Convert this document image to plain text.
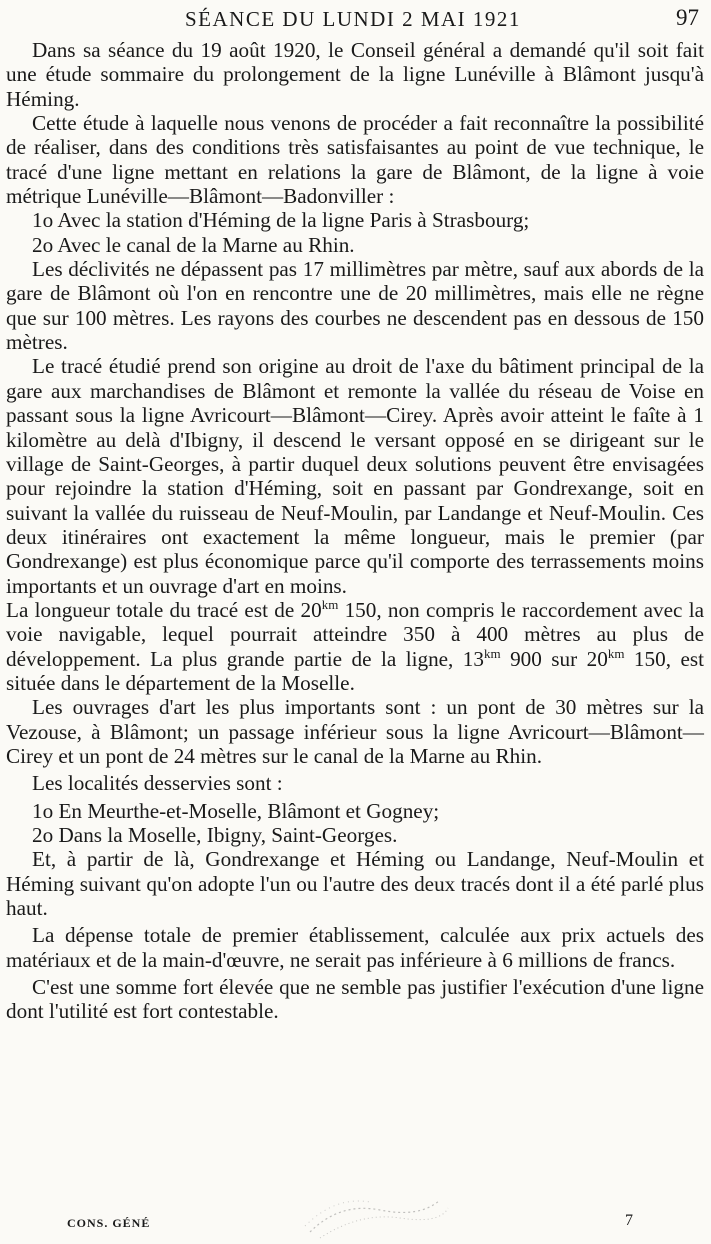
SÉANCE DU LUNDI 2 MAI 1921	97

Dans sa séance du 19 août 1920, le Conseil général a demandé qu'il soit fait une étude sommaire du prolongement de la ligne Lunéville à Blâmont jusqu'à Héming.

Cette étude à laquelle nous venons de procéder a fait reconnaître la possibilité de réaliser, dans des conditions très satisfaisantes au point de vue technique, le tracé d'une ligne mettant en relations la gare de Blâmont, de la ligne à voie métrique Lunéville—Blâmont—Badonviller :

1o Avec la station d'Héming de la ligne Paris à Strasbourg;

2o Avec le canal de la Marne au Rhin.

Les déclivités ne dépassent pas 17 millimètres par mètre, sauf aux abords de la gare de Blâmont où l'on en rencontre une de 20 millimètres, mais elle ne règne que sur 100 mètres. Les rayons des courbes ne descendent pas en dessous de 150 mètres.

Le tracé étudié prend son origine au droit de l'axe du bâtiment principal de la gare aux marchandises de Blâmont et remonte la vallée du réseau de Voise en passant sous la ligne Avricourt—Blâmont—Cirey. Après avoir atteint le faîte à 1 kilomètre au delà d'Ibigny, il descend le versant opposé en se dirigeant sur le village de Saint-Georges, à partir duquel deux solutions peuvent être envisagées pour rejoindre la station d'Héming, soit en passant par Gondrexange, soit en suivant la vallée du ruisseau de Neuf-Moulin, par Landange et Neuf-Moulin. Ces deux itinéraires ont exactement la même longueur, mais le premier (par Gondrexange) est plus économique parce qu'il comporte des terrassements moins importants et un ouvrage d'art en moins.

La longueur totale du tracé est de $20^{km}$ 150, non compris le raccordement avec la voie navigable, lequel pourrait atteindre 350 à 400 mètres au plus de développement. La plus grande partie de la ligne, $13^{km}$ 900 sur $20^{km}$ 150, est située dans le département de la Moselle.

Les ouvrages d'art les plus importants sont : un pont de 30 mètres sur la Vezouse, à Blâmont; un passage inférieur sous la ligne Avricourt—Blâmont—Cirey et un pont de 24 mètres sur le canal de la Marne au Rhin.

Les localités desservies sont :

1o En Meurthe-et-Moselle, Blâmont et Gogney;

2o Dans la Moselle, Ibigny, Saint-Georges.

Et, à partir de là, Gondrexange et Héming ou Landange, Neuf-Moulin et Héming suivant qu'on adopte l'un ou l'autre des deux tracés dont il a été parlé plus haut.

La dépense totale de premier établissement, calculée aux prix actuels des matériaux et de la main-d'œuvre, ne serait pas inférieure à 6 millions de francs.

C'est une somme fort élevée que ne semble pas justifier l'exécution d'une ligne dont l'utilité est fort contestable.

CONS. GÉNÉ	7
